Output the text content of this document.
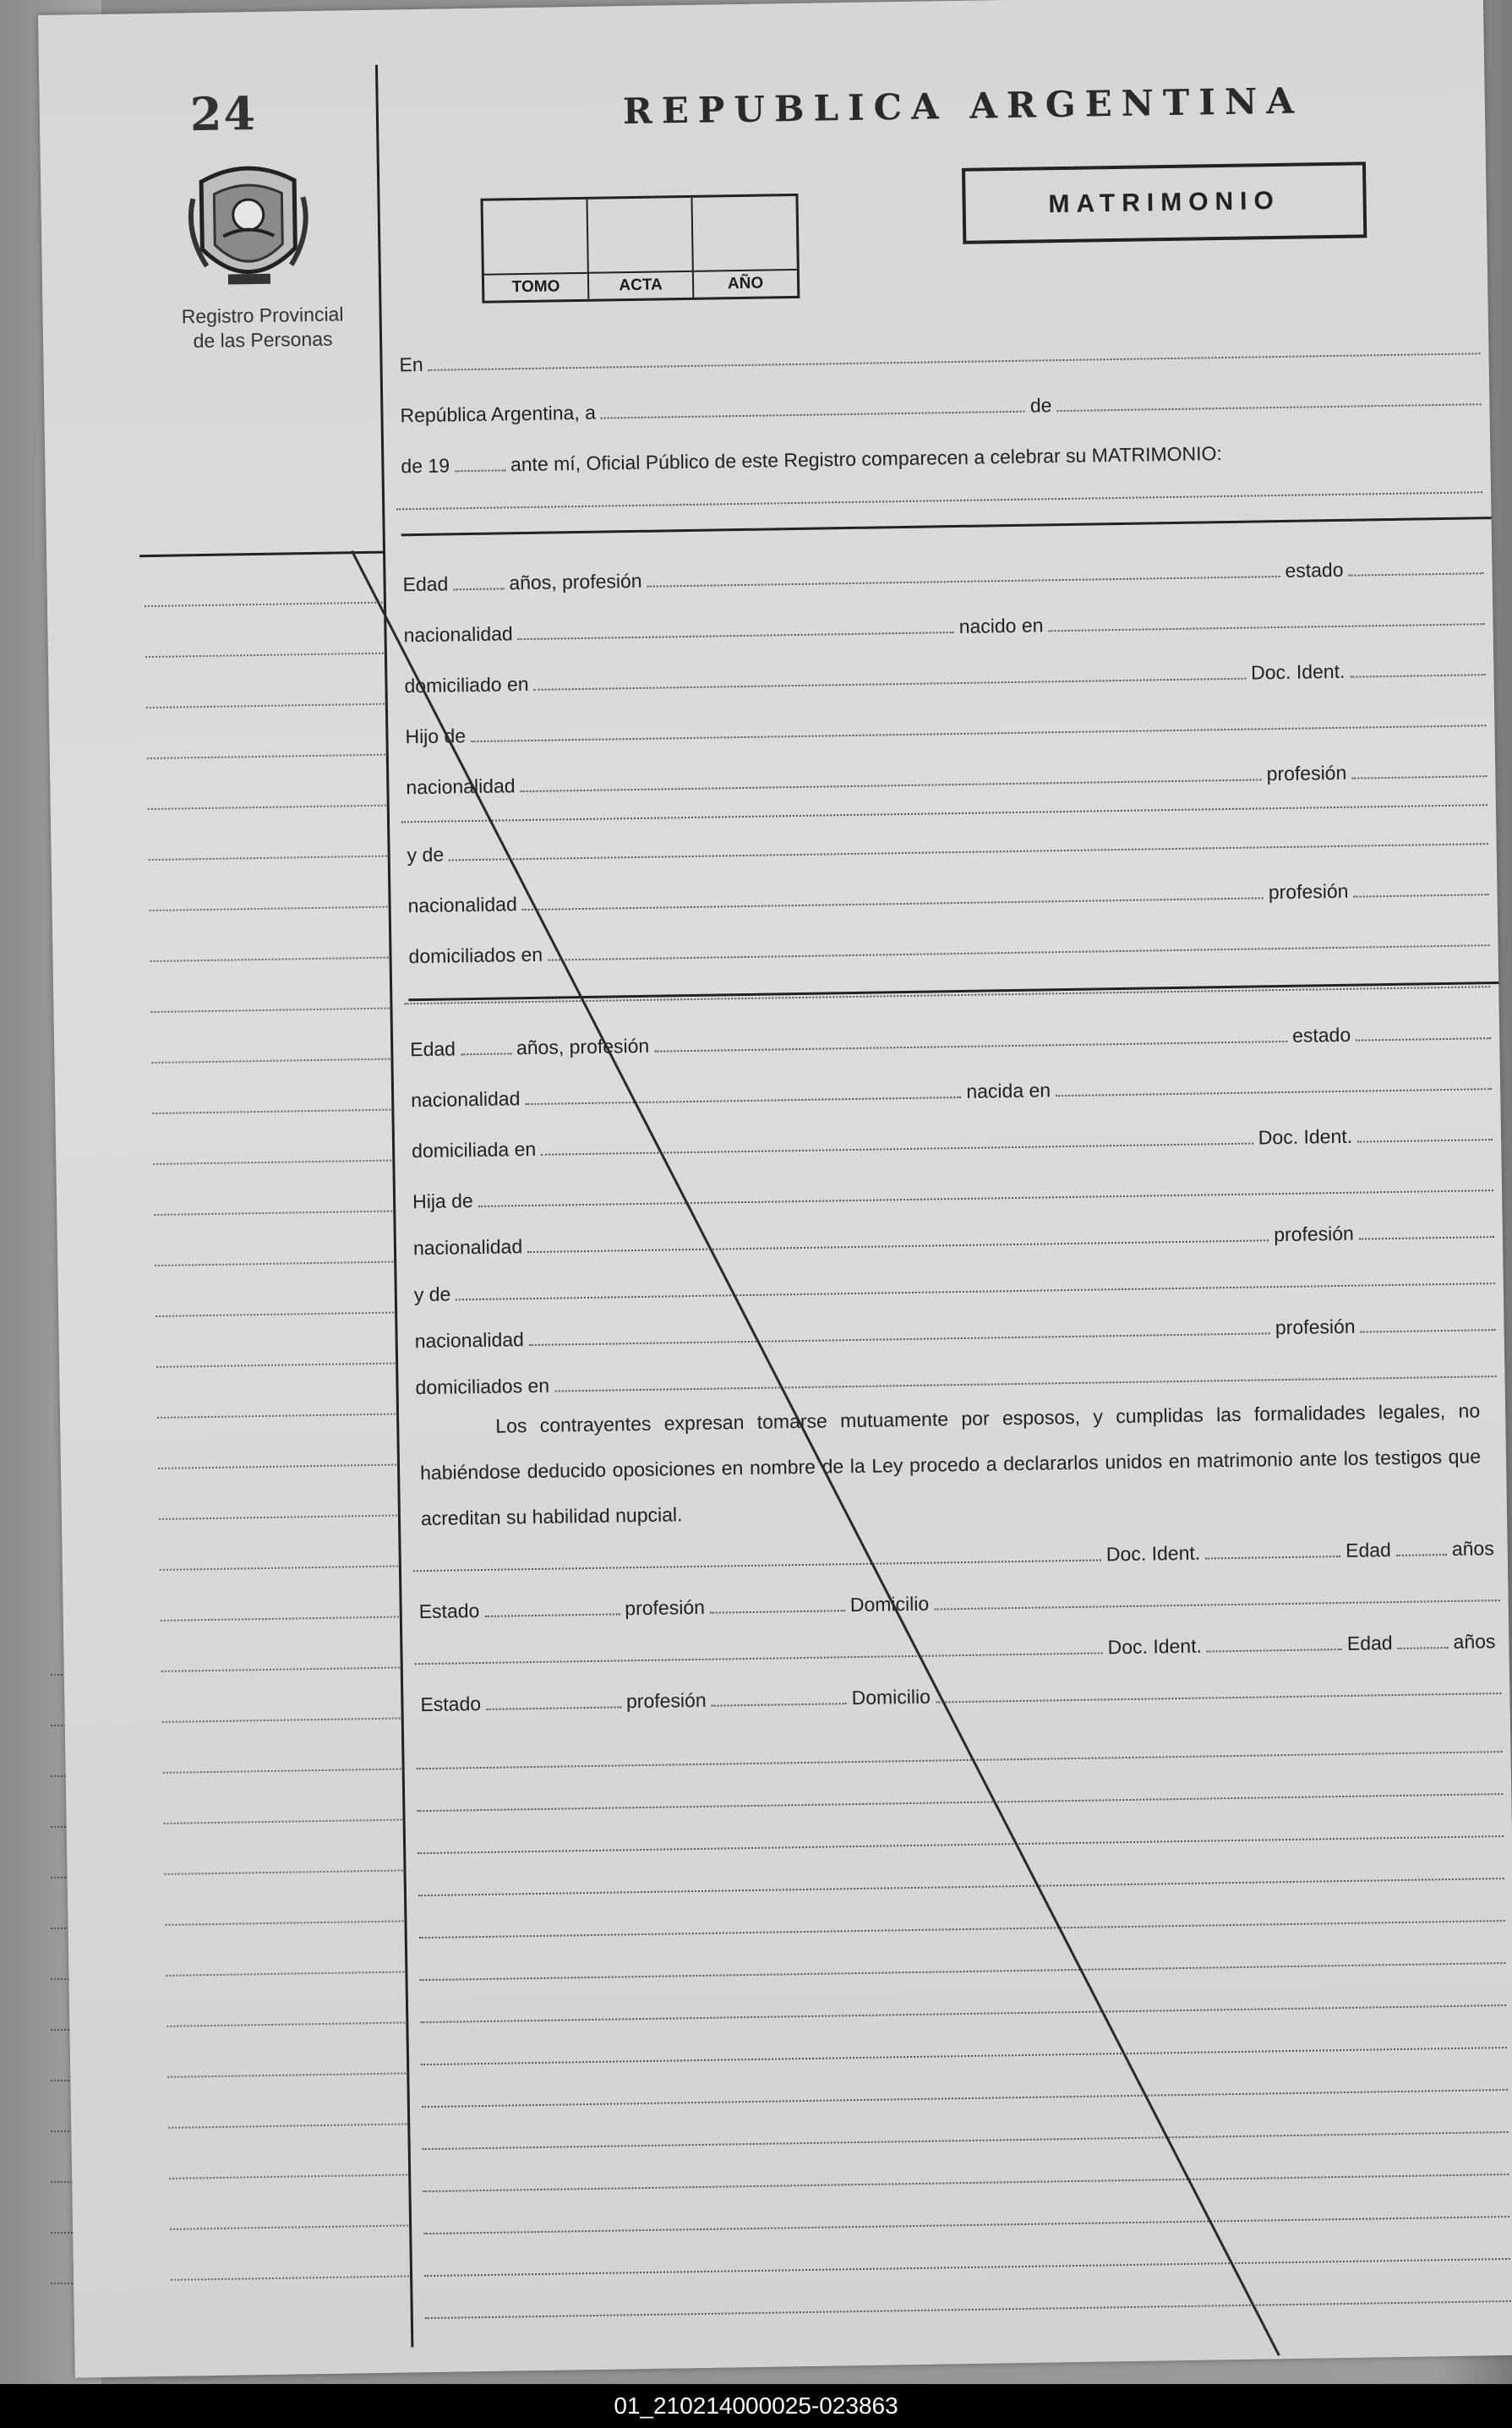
24
Registro Provincial
de las Personas
REPUBLICA ARGENTINA
TOMO	ACTA	AÑO
MATRIMONIO
En
República Argentina, a	de
de 19	ante mí, Oficial Público de este Registro comparecen a celebrar su MATRIMONIO:
Edad	años, profesión	estado
nacionalidad	nacido en
domiciliado en
Doc. Ident.
Hijo de
nacionalidad
profesión
y de
nacionalidad
profesión
domiciliados en
Edad	años, profesión	estado
nacionalidad	nacida en
domiciliada en
Doc. Ident.
Hija de
nacionalidad
profesión
y de
nacionalidad
profesión
domiciliados en
Los contrayentes expresan tomarse mutuamente por esposos, y cumplidas las formalidades legales, no habiéndose deducido oposiciones en nombre de la Ley procedo a declararlos unidos en matrimonio ante los testigos que acreditan su habilidad nupcial.
Doc. Ident.	Edad	años
Estado	profesión	Domicilio
Doc. Ident.	Edad	años
Estado	profesión	Domicilio
01_210214000025-023863
